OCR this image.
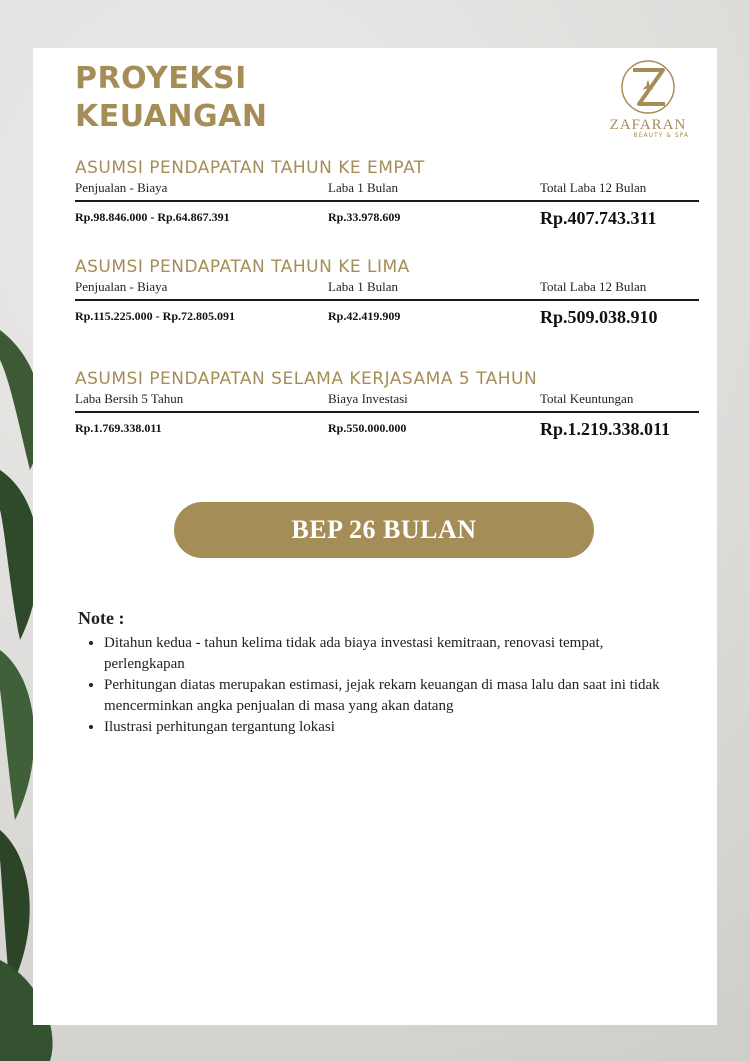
PROYEKSI
KEUANGAN	ZAFARAN
BEAUTY & SPA
ASUMSI PENDAPATAN TAHUN KE EMPAT
Penjualan - Biaya	Laba 1 Bulan	Total Laba 12 Bulan
Rp.98.846.000 - Rp.64.867.391	Rp.33.978.609	Rp.407.743.311
ASUMSI PENDAPATAN TAHUN KE LIMA
Penjualan - Biaya	Laba 1 Bulan	Total Laba 12 Bulan
Rp.115.225.000 - Rp.72.805.091	Rp.42.419.909	Rp.509.038.910
ASUMSI PENDAPATAN SELAMA KERJASAMA 5 TAHUN
Laba Bersih 5 Tahun	Biaya Investasi	Total Keuntungan
Rp.1.769.338.011	Rp.550.000.000	Rp.1.219.338.011
BEP 26 BULAN

Note :

• Ditahun kedua - tahun kelima tidak ada biaya investasi kemitraan, renovasi tempat, perlengkapan
• Perhitungan diatas merupakan estimasi, jejak rekam keuangan di masa lalu dan saat ini tidak mencerminkan angka penjualan di masa yang akan datang
• Ilustrasi perhitungan tergantung lokasi
